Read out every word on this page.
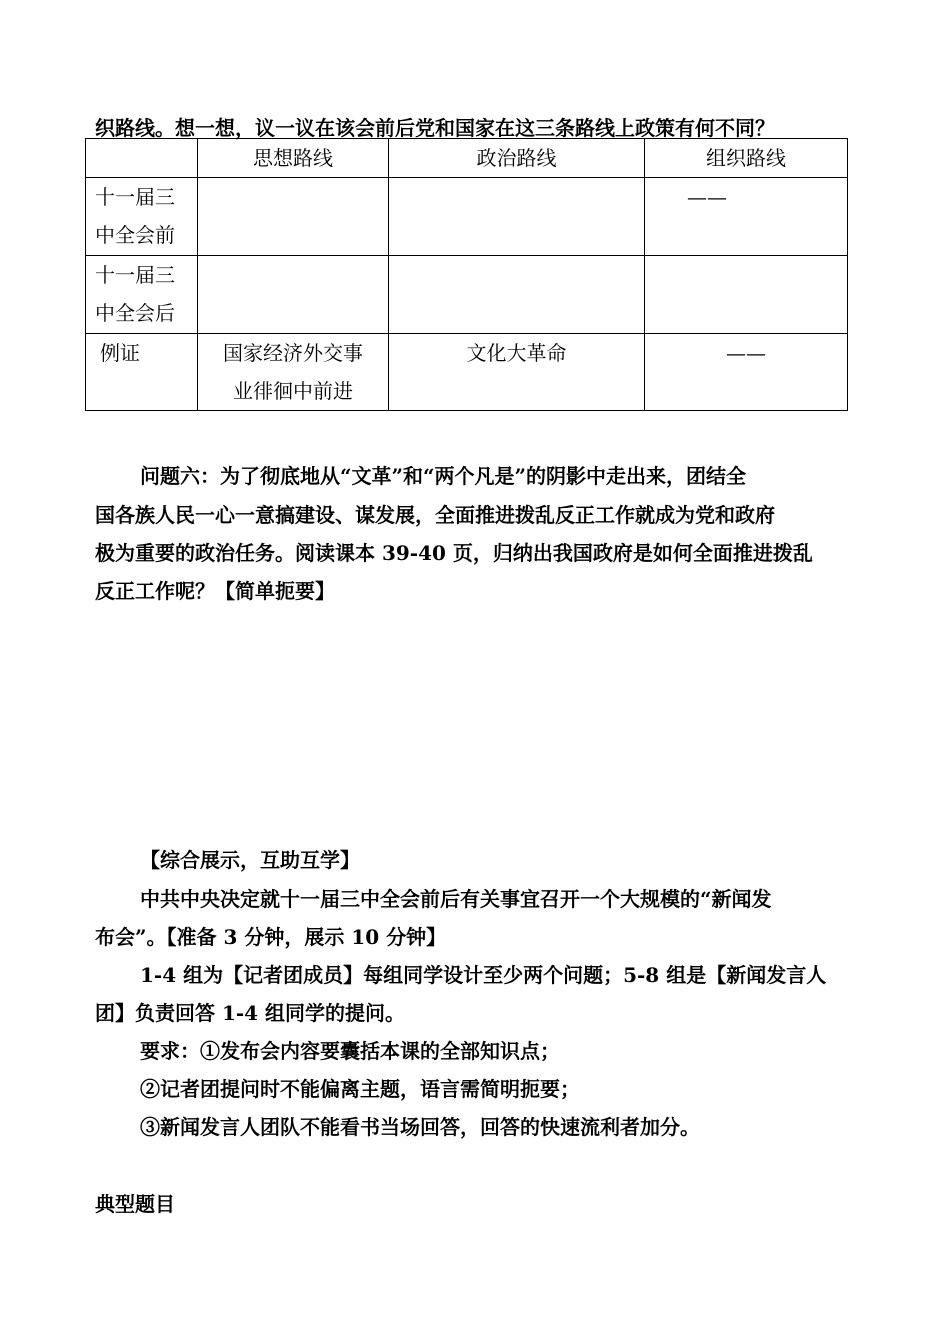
织路线。想一想，议一议在该会前后党和国家在这三条路线上政策有何不同？
	思想路线	政治路线	组织路线

十一届三
中全会前			——

十一届三
中全会后			

例证	国家经济外交事
业徘徊中前进	文化大革命	——
问题六：为了彻底地从“文革”和“两个凡是”的阴影中走出来，团结全
国各族人民一心一意搞建设、谋发展，全面推进拨乱反正工作就成为党和政府
极为重要的政治任务。阅读课本 39-40 页，归纳出我国政府是如何全面推进拨乱
反正工作呢？【简单扼要】
【综合展示，互助互学】
中共中央决定就十一届三中全会前后有关事宜召开一个大规模的“新闻发
布会”。【准备 3 分钟，展示 10 分钟】
1-4 组为【记者团成员】每组同学设计至少两个问题；5-8 组是【新闻发言人
团】负责回答 1-4 组同学的提问。
要求：①发布会内容要囊括本课的全部知识点；
②记者团提问时不能偏离主题，语言需简明扼要；
③新闻发言人团队不能看书当场回答，回答的快速流利者加分。
典型题目
